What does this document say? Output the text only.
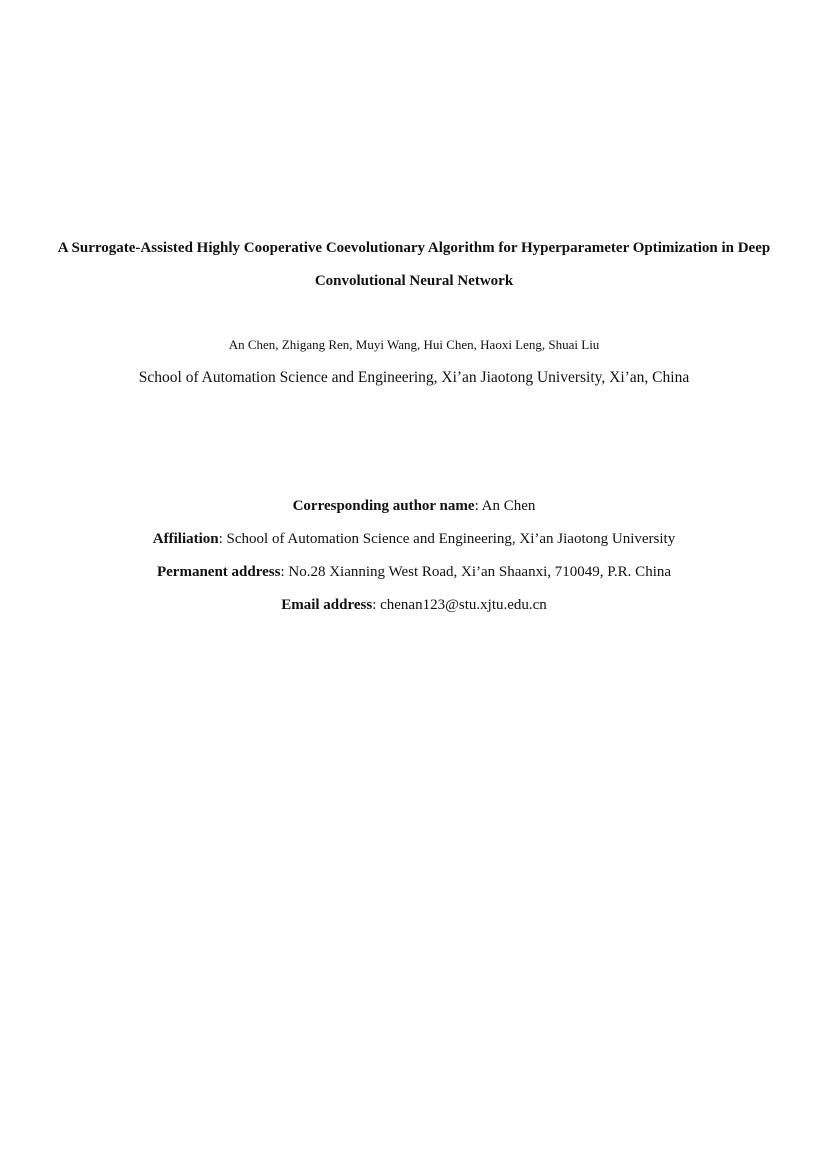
A Surrogate-Assisted Highly Cooperative Coevolutionary Algorithm for Hyperparameter Optimization in Deep
Convolutional Neural Network
An Chen, Zhigang Ren, Muyi Wang, Hui Chen, Haoxi Leng, Shuai Liu
School of Automation Science and Engineering, Xi’an Jiaotong University, Xi’an, China
Corresponding author name: An Chen
Affiliation: School of Automation Science and Engineering, Xi’an Jiaotong University
Permanent address: No.28 Xianning West Road, Xi’an Shaanxi, 710049, P.R. China
Email address: chenan123@stu.xjtu.edu.cn
